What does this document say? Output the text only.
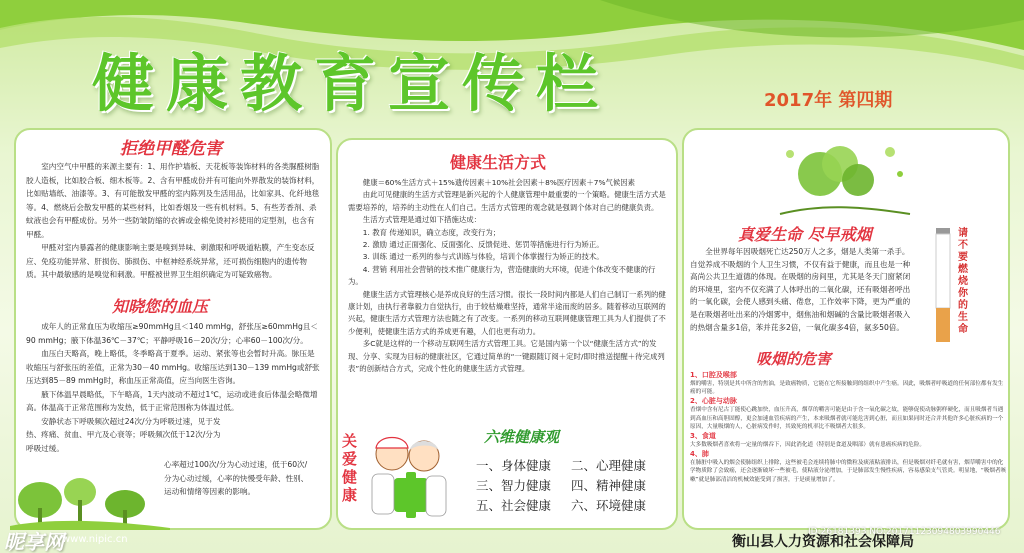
健康教育宣传栏	2017年 第四期
拒绝甲醛危害

室内空气中甲醛的来源主要有：1、用作护墙板、天花板等装饰材料的各类脲醛树脂胶人造板，比如胶合板、细木板等。2、含有甲醛成份并有可能向外界散发的装饰材料，比如贴墙纸、油漆等。3、有可能散发甲醛的室内陈列及生活用品，比如家具、化纤地毯等。4、燃烧后会散发甲醛的某些材料，比如香烟及一些有机材料。5、有些芳香剂、杀蚊液也会有甲醛成份。另外一些防皱防缩的衣裤或金棉免烫衬衫使用的定型剂，也含有甲醛。

甲醛对室内暴露者的健康影响主要是嗅到异味、刺激眼和呼吸道粘膜，产生变态反应、免疫功能异常、肝损伤、肺损伤、中枢神经系统异常，还可损伤细胞内的遗传物质。其中最敏感的是嗅觉和刺激。甲醛被世界卫生组织确定为可疑致癌物。

知晓您的血压

成年人的正常血压为收缩压≥90mmHg且＜140 mmHg，舒张压≥60mmHg且＜90 mmHg；腋下体温36℃－37℃；平静呼吸16－20次/分；心率60－100次/分。

血压白天略高，晚上略低，冬季略高于夏季。运动、紧张等也会暂时升高。脉压是收缩压与舒张压的差值，正常为30－40 mmHg。收缩压达到130－139 mmHg或舒张压达到85－89 mmHg时，称血压正常高值，应当向医生咨询。

腋下体温早晨略低，下午略高，1天内波动不超过1℃，运动或进食后体温会略微增高。体温高于正常范围称为发热，低于正常范围称为体温过低。

安静状态下呼吸频次超过24次/分为呼吸过速，见于发热、疼痛、贫血、甲亢及心衰等；呼吸频次低于12次/分为呼吸过缓。

心率超过100次/分为心动过速，低于60次/分为心动过缓，心率的快慢受年龄、性别、运动和情绪等因素的影响。
健康生活方式

健康＝60%生活方式＋15%遗传因素＋10%社会因素＋8%医疗因素＋7%气候因素

由此可见健康的生活方式管理是新兴起的个人健康管理中最重要的一个策略。健康生活方式是需要培养的，培养的主动性在人们自己。生活方式管理的观念就是强调个体对自己的健康负责。

生活方式管理是通过如下措施达成：

1. 教育 传递知识，确立态度，改变行为；

2. 激励 通过正面强化、反面强化、反馈促进、惩罚等措施进行行为矫正。

3. 训练 通过一系列的参与式训练与体验，培训个体掌握行为矫正的技术。

4. 营销 利用社会营销的技术推广健康行为，营造健康的大环境，促进个体改变不健康的行为。

健康生活方式管理核心是养成良好的生活习惯。很长一段时间内都是人们自己制订一系列的健康计划，由执行者靠毅力自觉执行，由于较枯燥难坚持，通常半途而废的居多。随着移动互联网的兴起，健康生活方式管理方法也随之有了改变。一系列的移动互联网健康管理工具为人们提供了不少便利，使健康生活方式的养成更有趣，人们也更有动力。

多C就是这样的一个移动互联网生活方式管理工具。它是国内第一个以“健康生活方式”的发现、分享、实现为目标的健康社区，它通过简单的“一键跟随订阅＋定时/即时推送提醒＋待完成列表”的创新结合方式，完成个性化的健康生活方式管理。

关爱健康
六维健康观
一、身体健康	二、心理健康
三、智力健康	四、精神健康
五、社会健康	六、环境健康
真爱生命 尽早戒烟

全世界每年因吸烟死亡达250万人之多，烟是人类第一杀手。自觉养成不吸烟的个人卫生习惯，不仅有益于健康，而且也是一种高尚公共卫生道德的体现。在吸烟的房间里，尤其是冬天门窗紧闭的环境里，室内不仅充满了人体呼出的二氧化碳，还有吸烟者呼出的一氧化碳，会使人感到头痛、倦怠，工作效率下降，更为严重的是在吸烟者吐出来的冷烟雾中，烟焦油和烟碱的含量比吸烟者吸入的热烟含量多1倍，苯并芘多2倍，一氧化碳多4倍，氨多50倍。

请不要燃烧你的生命
吸烟的危害
1、口腔及喉部
烟的嚼害，特别是其中所含的焦油，是致癌物质，它能在它所接触到的组织中产生癌。因此，吸烟者呼吸道的任何部位都有发生癌的可能。
2、心脏与动脉
香烟中含有尼古丁能使心跳加快，血压升高，烟草的嚼害可能是由于含一氧化碳之故，能够促使动脉粥样硬化，而且吸烟者当遇到高血压和高胆固醇，更会加速血管疾病的产生，本来吸烟者就可能危害到心脏，而且如果同时还合并其他许多心脏疾病的一个原因，大量吸烟的人，心脏病发作时，其致死的机率比不吸烟者大很多。
3、食道
大多数吸烟者喜欢将一定量的烟吞下，因此消化道（特别是食道及咽部）就有患癌疾病的危险。
4、肺
在肺脏中吸入的烟会使肺组织上排除，这些被毛会连续将肺中的微粒及痰液粘液排出，但是吸烟对纤毛就有害，烟草嚼害中的化学物质除了会致癌，还会逐渐破坏一些被毛，使粘液分泌增加，于是肺部发生慢性疾病，容易感染支气管炎。明显地，“吸烟者咳嗽”就是肺部清洁的机械效能受到了损害，于是痰量增加了。
衡山县人力资源和社会保障局
昵享网
www.nipic.cn
ID:26181393 NO:20171123094803990446
